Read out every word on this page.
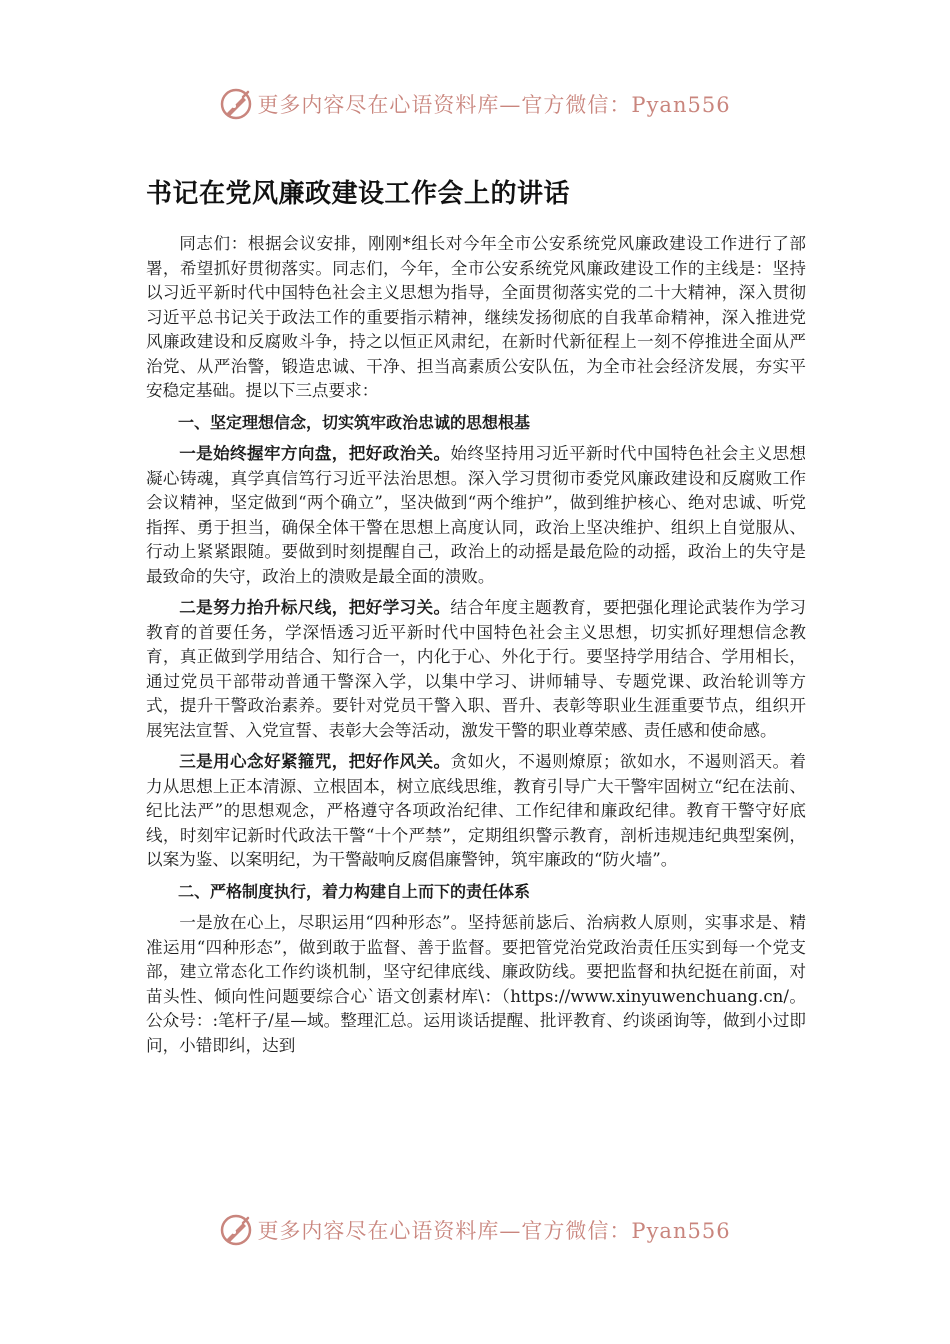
更多内容尽在心语资料库—官方微信：Pyan556
书记在党风廉政建设工作会上的讲话

同志们：根据会议安排，刚刚*组长对今年全市公安系统党风廉政建设工作进行了部署，希望抓好贯彻落实。同志们，今年，全市公安系统党风廉政建设工作的主线是：坚持以习近平新时代中国特色社会主义思想为指导，全面贯彻落实党的二十大精神，深入贯彻习近平总书记关于政法工作的重要指示精神，继续发扬彻底的自我革命精神，深入推进党风廉政建设和反腐败斗争，持之以恒正风肃纪，在新时代新征程上一刻不停推进全面从严治党、从严治警，锻造忠诚、干净、担当高素质公安队伍，为全市社会经济发展，夯实平安稳定基础。提以下三点要求：

一、坚定理想信念，切实筑牢政治忠诚的思想根基

一是始终握牢方向盘，把好政治关。始终坚持用习近平新时代中国特色社会主义思想凝心铸魂，真学真信笃行习近平法治思想。深入学习贯彻市委党风廉政建设和反腐败工作会议精神，坚定做到“两个确立”，坚决做到“两个维护”，做到维护核心、绝对忠诚、听党指挥、勇于担当，确保全体干警在思想上高度认同，政治上坚决维护、组织上自觉服从、行动上紧紧跟随。要做到时刻提醒自己，政治上的动摇是最危险的动摇，政治上的失守是最致命的失守，政治上的溃败是最全面的溃败。

二是努力抬升标尺线，把好学习关。结合年度主题教育，要把强化理论武装作为学习教育的首要任务，学深悟透习近平新时代中国特色社会主义思想，切实抓好理想信念教育，真正做到学用结合、知行合一，内化于心、外化于行。要坚持学用结合、学用相长，通过党员干部带动普通干警深入学，以集中学习、讲师辅导、专题党课、政治轮训等方式，提升干警政治素养。要针对党员干警入职、晋升、表彰等职业生涯重要节点，组织开展宪法宣誓、入党宣誓、表彰大会等活动，激发干警的职业尊荣感、责任感和使命感。

三是用心念好紧箍咒，把好作风关。贪如火，不遏则燎原；欲如水，不遏则滔天。着力从思想上正本清源、立根固本，树立底线思维，教育引导广大干警牢固树立“纪在法前、纪比法严”的思想观念，严格遵守各项政治纪律、工作纪律和廉政纪律。教育干警守好底线，时刻牢记新时代政法干警“十个严禁”，定期组织警示教育，剖析违规违纪典型案例，以案为鉴、以案明纪，为干警敲响反腐倡廉警钟，筑牢廉政的“防火墙”。

二、严格制度执行，着力构建自上而下的责任体系

一是放在心上，尽职运用“四种形态”。坚持惩前毖后、治病救人原则，实事求是、精准运用“四种形态”，做到敢于监督、善于监督。要把管党治党政治责任压实到每一个党支部，建立常态化工作约谈机制，坚守纪律底线、廉政防线。要把监督和执纪挺在前面，对苗头性、倾向性问题要综合心`语文创素材库\：（https://www.xinyuwenchuang.cn/。公众号：:笔杆子/星—域。整理汇总。运用谈话提醒、批评教育、约谈函询等，做到小过即问，小错即纠，达到

更多内容尽在心语资料库—官方微信：Pyan556
